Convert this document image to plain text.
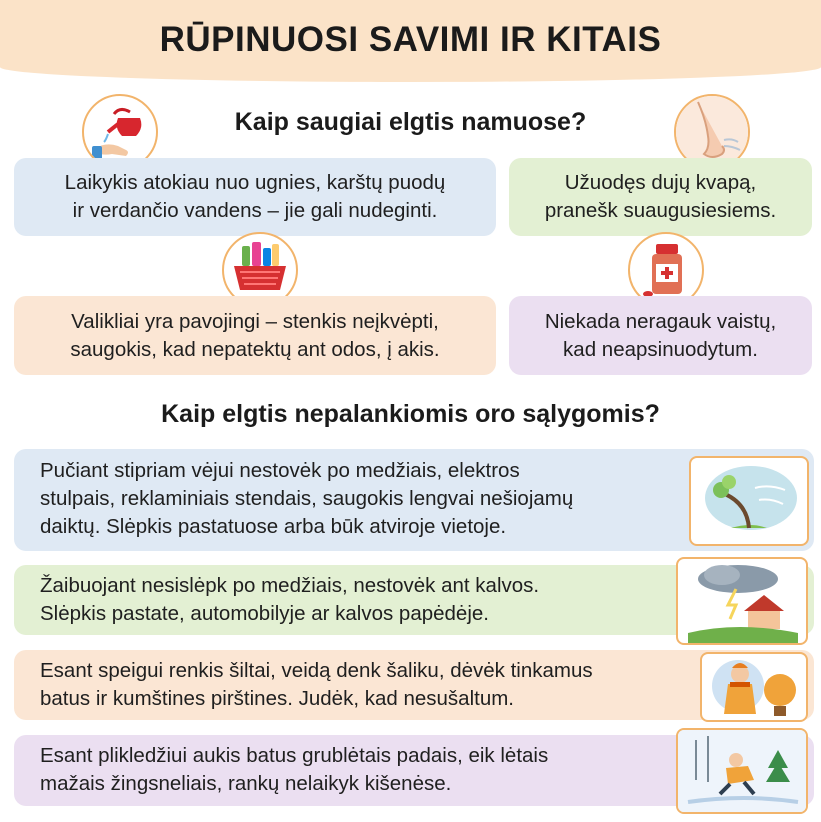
RŪPINUOSI SAVIMI IR KITAIS
Kaip saugiai elgtis namuose?
Laikykis atokiau nuo ugnies, karštų puodų
ir verdančio vandens – jie gali nudeginti.
Užuodęs dujų kvapą,
pranešk suaugusiesiems.
Valikliai yra pavojingi – stenkis neįkvėpti,
saugokis, kad nepatektų ant odos, į akis.
Niekada neragauk vaistų,
kad neapsinuodytum.
Kaip elgtis nepalankiomis oro sąlygomis?
Pučiant stipriam vėjui nestovėk po medžiais, elektros
stulpais, reklaminiais stendais, saugokis lengvai nešiojamų
daiktų. Slėpkis pastatuose arba būk atviroje vietoje.
Žaibuojant nesislėpk po medžiais, nestovėk ant kalvos.
Slėpkis pastate, automobilyje ar kalvos papėdėje.
Esant speigui renkis šiltai, veidą denk šaliku, dėvėk tinkamus
batus ir kumštines pirštines. Judėk, kad nesušaltum.
Esant plikledžiui aukis batus grublėtais padais, eik lėtais
mažais žingsneliais, rankų nelaikyk kišenėse.
